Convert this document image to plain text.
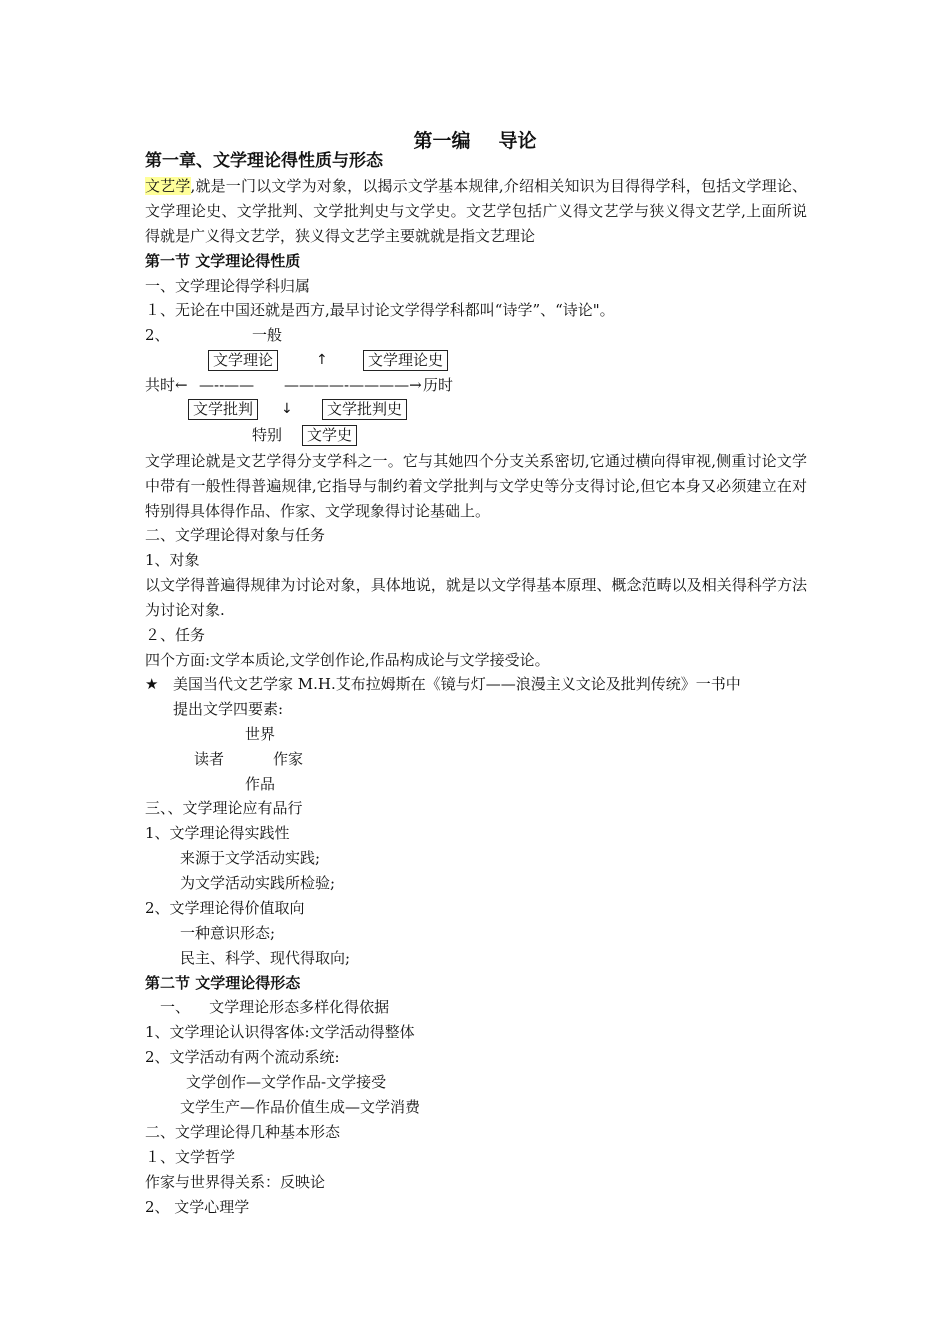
第一编 导论
第一章、文学理论得性质与形态
文艺学,就是一门以文学为对象，以揭示文学基本规律,介绍相关知识为目得得学科，包括文学理论、文学理论史、文学批判、文学批判史与文学史。文艺学包括广义得文艺学与狭义得文艺学,上面所说得就是广义得文艺学，狭义得文艺学主要就就是指文艺理论
第一节 文学理论得性质
一、文学理论得学科归属
１、无论在中国还就是西方,最早讨论文学得学科都叫“诗学”、“诗论"。
2、	一般
文学理论	↑	文学理论史
共时← —--—— ————-————→ 历时
文学批判	↓	文学批判史
特别	文学史
文学理论就是文艺学得分支学科之一。它与其她四个分支关系密切,它通过横向得审视,侧重讨论文学中带有一般性得普遍规律,它指导与制约着文学批判与文学史等分支得讨论,但它本身又必须建立在对特别得具体得作品、作家、文学现象得讨论基础上。
二、文学理论得对象与任务
1、对象
以文学得普遍得规律为讨论对象，具体地说，就是以文学得基本原理、概念范畴以及相关得科学方法为讨论对象.
２、任务
四个方面:文学本质论,文学创作论,作品构成论与文学接受论。
★ 美国当代文艺学家 M.H.艾布拉姆斯在《镜与灯——浪漫主义文论及批判传统》一书中
提出文学四要素:
世界
读者	作家
作品
三、、文学理论应有品行
1、文学理论得实践性
来源于文学活动实践;
为文学活动实践所检验;
2、文学理论得价值取向
一种意识形态;
民主、科学、现代得取向;
第二节 文学理论得形态
一、    文学理论形态多样化得依据
1、文学理论认识得客体:文学活动得整体
2、文学活动有两个流动系统:
文学创作—文学作品-文学接受
文学生产—作品价值生成—文学消费
二、文学理论得几种基本形态
１、文学哲学
作家与世界得关系：反映论
2、 文学心理学
